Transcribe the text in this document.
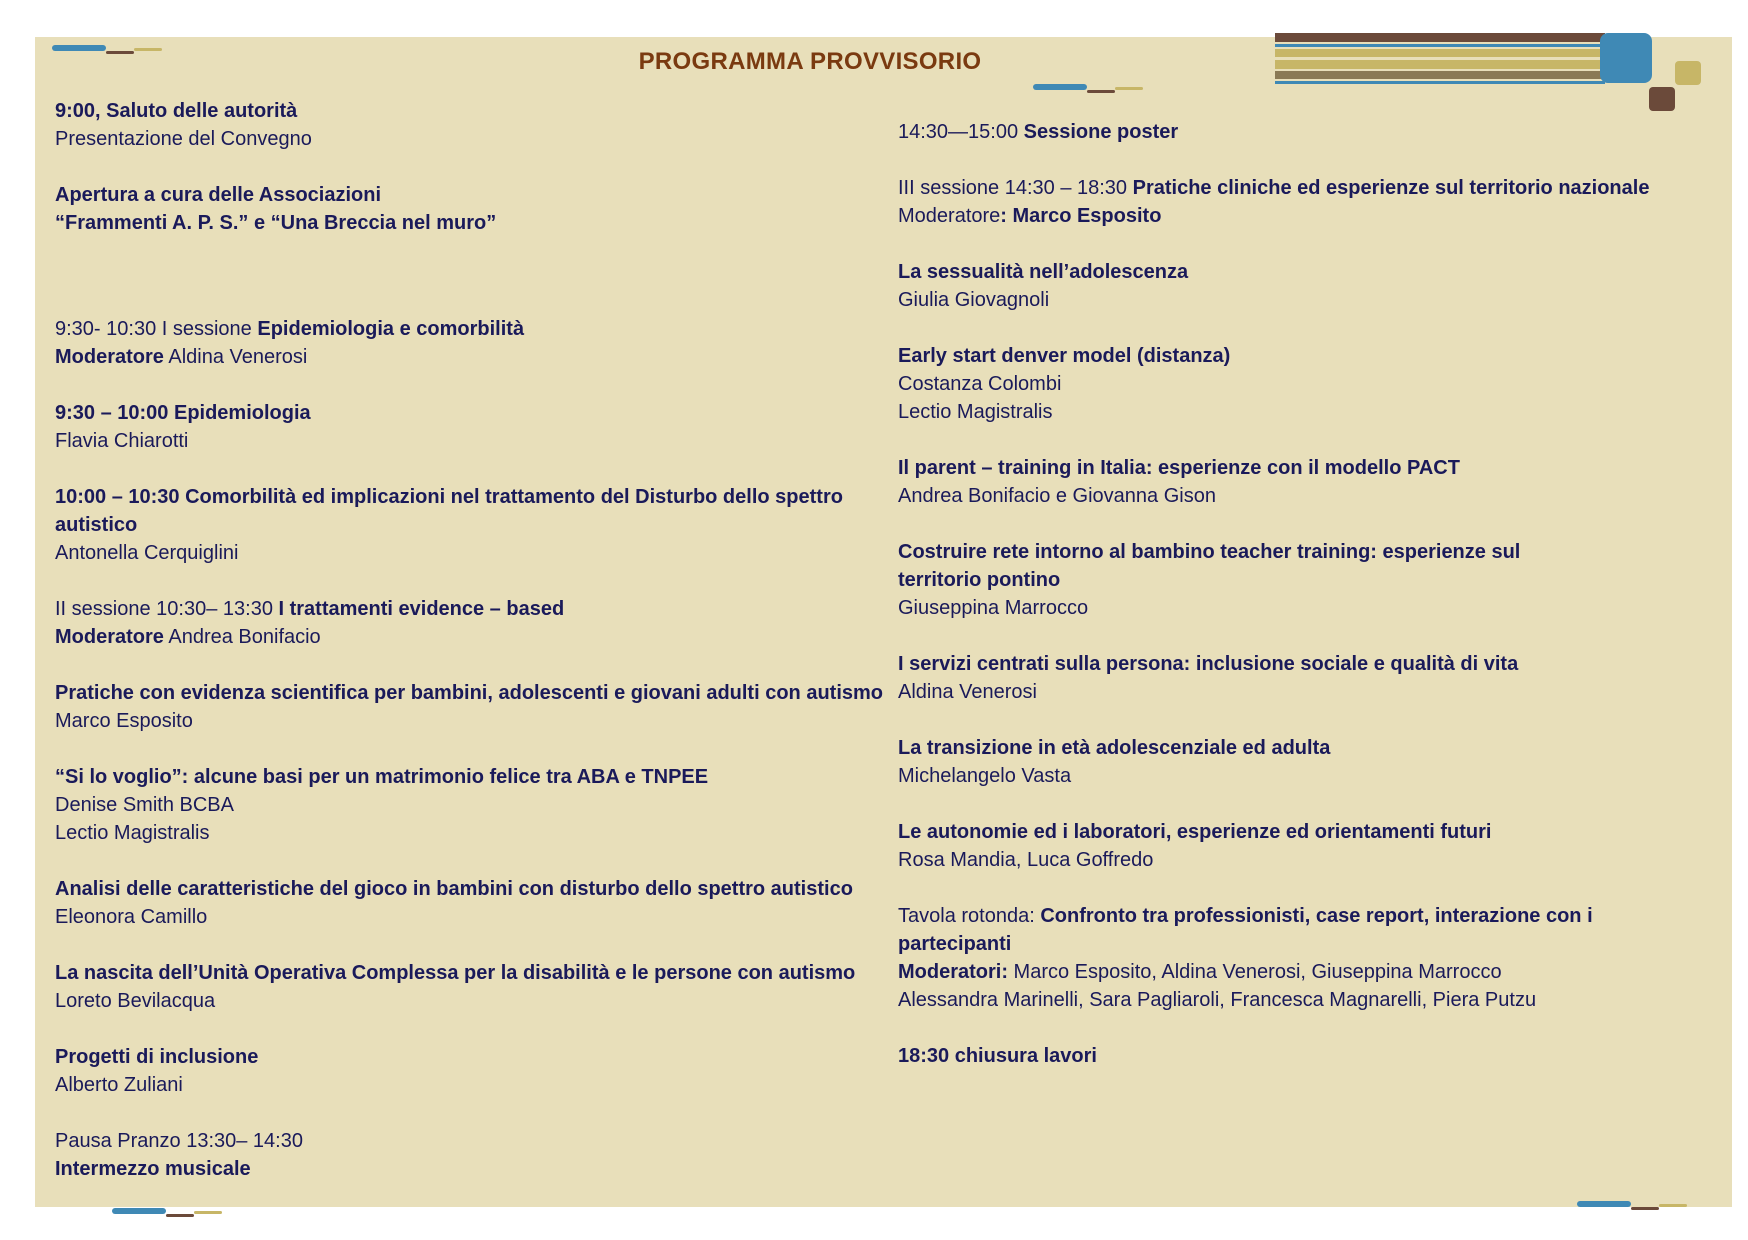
PROGRAMMA PROVVISORIO
9:00, Saluto delle autorità
Presentazione del Convegno
Apertura a cura delle Associazioni
“Frammenti A. P. S.” e “Una Breccia nel muro”
9:30- 10:30 I sessione Epidemiologia e comorbilità
Moderatore Aldina Venerosi
9:30 – 10:00 Epidemiologia
Flavia Chiarotti
10:00 – 10:30 Comorbilità ed implicazioni nel trattamento del Disturbo dello spettro autistico
Antonella Cerquiglini
II sessione 10:30– 13:30 I trattamenti evidence – based
Moderatore Andrea Bonifacio
Pratiche con evidenza scientifica per bambini, adolescenti e giovani adulti con autismo
Marco Esposito
“Si lo voglio”: alcune basi per un matrimonio felice tra ABA e TNPEE
Denise Smith BCBA
Lectio Magistralis
Analisi delle caratteristiche del gioco in bambini con disturbo dello spettro autistico
Eleonora Camillo
La nascita dell’Unità Operativa Complessa per la disabilità e le persone con autismo
Loreto Bevilacqua
Progetti di inclusione
Alberto Zuliani
Pausa Pranzo 13:30– 14:30
Intermezzo musicale
14:30—15:00 Sessione poster
III sessione 14:30 – 18:30 Pratiche cliniche ed esperienze sul territorio nazionale
Moderatore: Marco Esposito
La sessualità nell’adolescenza
Giulia Giovagnoli
Early start denver model (distanza)
Costanza Colombi
Lectio Magistralis
Il parent – training in Italia: esperienze con il modello PACT
Andrea Bonifacio e Giovanna Gison
Costruire rete intorno al bambino teacher training: esperienze sul
territorio pontino
Giuseppina Marrocco
I servizi centrati sulla persona: inclusione sociale e qualità di vita
Aldina Venerosi
La transizione in età adolescenziale ed adulta
Michelangelo Vasta
Le autonomie ed i laboratori, esperienze ed orientamenti futuri
Rosa Mandia, Luca Goffredo
Tavola rotonda: Confronto tra professionisti, case report, interazione con i partecipanti
Moderatori: Marco Esposito, Aldina Venerosi, Giuseppina Marrocco
Alessandra Marinelli, Sara Pagliaroli, Francesca Magnarelli, Piera Putzu
18:30 chiusura lavori
